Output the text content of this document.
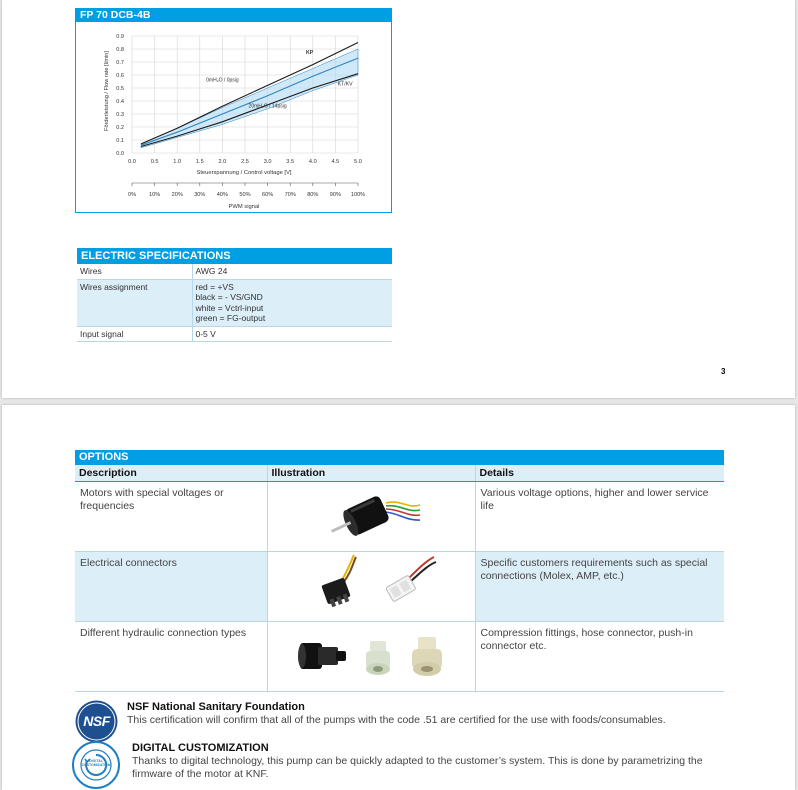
FP 70 DCB-4B
0.0
0.1
0.2
0.3
0.4
0.5
0.6
0.7
0.8
0.9
0.0	0.5	1.0	1.5	2.0	2.5	3.0	3.5	4.0	4.5	5.0
0% 10% 20% 30% 40% 50% 60% 70% 80% 90% 100%
KP
KT/KV
0mH₂O / 0psig
20mH₂O / 14psig
Förderleistung / Flow rate [l/min]
Steuerspannung / Control voltage [V]
PWM signal
ELECTRIC SPECIFICATIONS
Wires	AWG 24

Wires assignment	red = +VS
black = - VS/GND
white = Vctrl-input
green = FG-output

Input signal	0-5 V
3
OPTIONS
Description	Illustration	Details
Motors with special voltages or frequencies		Various voltage options, higher and lower service life
Electrical connectors		Specific customers requirements such as special connections (Molex, AMP, etc.)
Different hydraulic connection types		Compression fittings, hose connector, push-in connector etc.
NSF
NSF National Sanitary Foundation
This certification will confirm that all of the pumps with the code .51 are certified for the use with foods/consumables.
DIGITAL CUSTOMIZATION
DIGITAL CUSTOMIZATION
Thanks to digital technology, this pump can be quickly adapted to the customer’s system. This is done by parametrizing the firmware of the motor at KNF.
